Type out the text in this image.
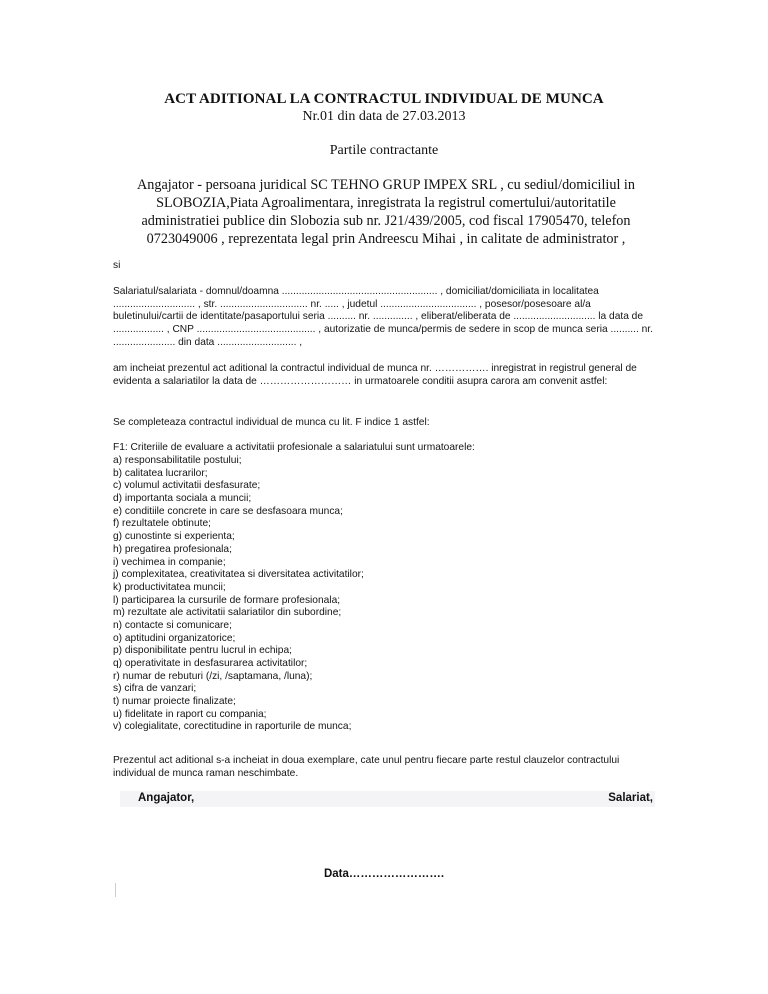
ACT ADITIONAL LA CONTRACTUL INDIVIDUAL DE MUNCA
Nr.01 din data de 27.03.2013
Partile contractante
Angajator - persoana juridical SC TEHNO GRUP IMPEX SRL , cu sediul/domiciliul in SLOBOZIA,Piata Agroalimentara, inregistrata la registrul comertului/autoritatile administratiei publice din Slobozia sub nr. J21/439/2005, cod fiscal 17905470, telefon 0723049006 , reprezentata legal prin Andreescu Mihai , in calitate de administrator ,
si
Salariatul/salariata - domnul/doamna ....................................................... , domiciliat/domiciliata in localitatea ............................. , str. ............................... nr. ..... , judetul .................................. , posesor/posesoare al/a buletinului/cartii de identitate/pasaportului seria .......... nr. .............. , eliberat/eliberata de ............................. la data de .................. , CNP .......................................... , autorizatie de munca/permis de sedere in scop de munca seria .......... nr. ...................... din data ............................ ,
am incheiat prezentul act aditional la contractul individual de munca nr. ……………. inregistrat in registrul general de evidenta a salariatilor la data de ……………………… in urmatoarele conditii asupra carora am convenit astfel:
Se completeaza contractul individual de munca cu lit. F indice 1 astfel:
F1: Criteriile de evaluare a activitatii profesionale a salariatului sunt urmatoarele:
a) responsabilitatile postului;
b) calitatea lucrarilor;
c) volumul activitatii desfasurate;
d) importanta sociala a muncii;
e) conditiile concrete in care se desfasoara munca;
f) rezultatele obtinute;
g) cunostinte si experienta;
h) pregatirea profesionala;
i) vechimea in companie;
j) complexitatea, creativitatea si diversitatea activitatilor;
k) productivitatea muncii;
l) participarea la cursurile de formare profesionala;
m) rezultate ale activitatii salariatilor din subordine;
n) contacte si comunicare;
o) aptitudini organizatorice;
p) disponibilitate pentru lucrul in echipa;
q) operativitate in desfasurarea activitatilor;
r) numar de rebuturi (/zi, /saptamana, /luna);
s) cifra de vanzari;
t) numar proiecte finalizate;
u) fidelitate in raport cu compania;
v) colegialitate, corectitudine in raporturile de munca;
Prezentul act aditional s-a incheiat in doua exemplare, cate unul pentru fiecare parte restul clauzelor contractului individual de munca raman neschimbate.
Angajator,	Salariat,
Data…………………….
